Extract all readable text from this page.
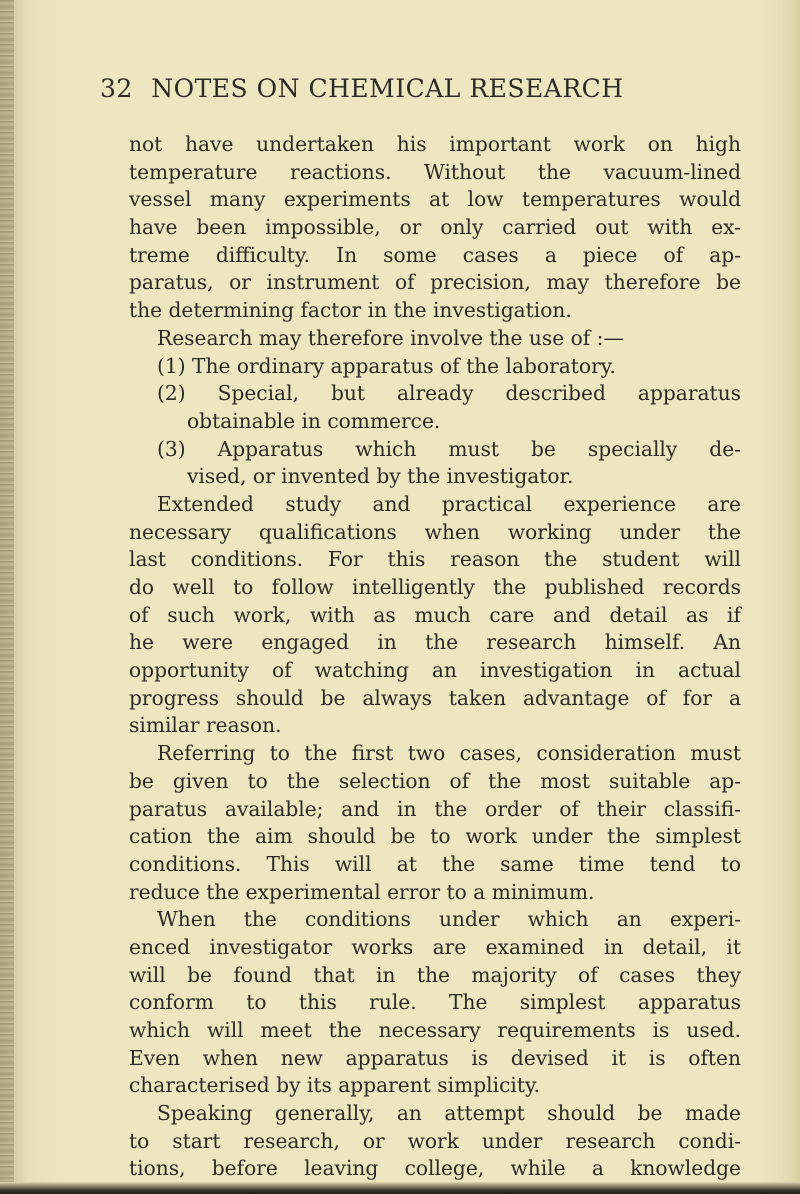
32 NOTES ON CHEMICAL RESEARCH
not have undertaken his important work on high
temperature reactions. Without the vacuum-lined
vessel many experiments at low temperatures would
have been impossible, or only carried out with ex-
treme difficulty. In some cases a piece of ap-
paratus, or instrument of precision, may therefore be
the determining factor in the investigation.
Research may therefore involve the use of :—
(1) The ordinary apparatus of the laboratory.
(2) Special, but already described apparatus
obtainable in commerce.
(3) Apparatus which must be specially de-
vised, or invented by the investigator.
Extended study and practical experience are
necessary qualifications when working under the
last conditions. For this reason the student will
do well to follow intelligently the published records
of such work, with as much care and detail as if
he were engaged in the research himself. An
opportunity of watching an investigation in actual
progress should be always taken advantage of for a
similar reason.
Referring to the first two cases, consideration must
be given to the selection of the most suitable ap-
paratus available; and in the order of their classifi-
cation the aim should be to work under the simplest
conditions. This will at the same time tend to
reduce the experimental error to a minimum.
When the conditions under which an experi-
enced investigator works are examined in detail, it
will be found that in the majority of cases they
conform to this rule. The simplest apparatus
which will meet the necessary requirements is used.
Even when new apparatus is devised it is often
characterised by its apparent simplicity.
Speaking generally, an attempt should be made
to start research, or work under research condi-
tions, before leaving college, while a knowledge
